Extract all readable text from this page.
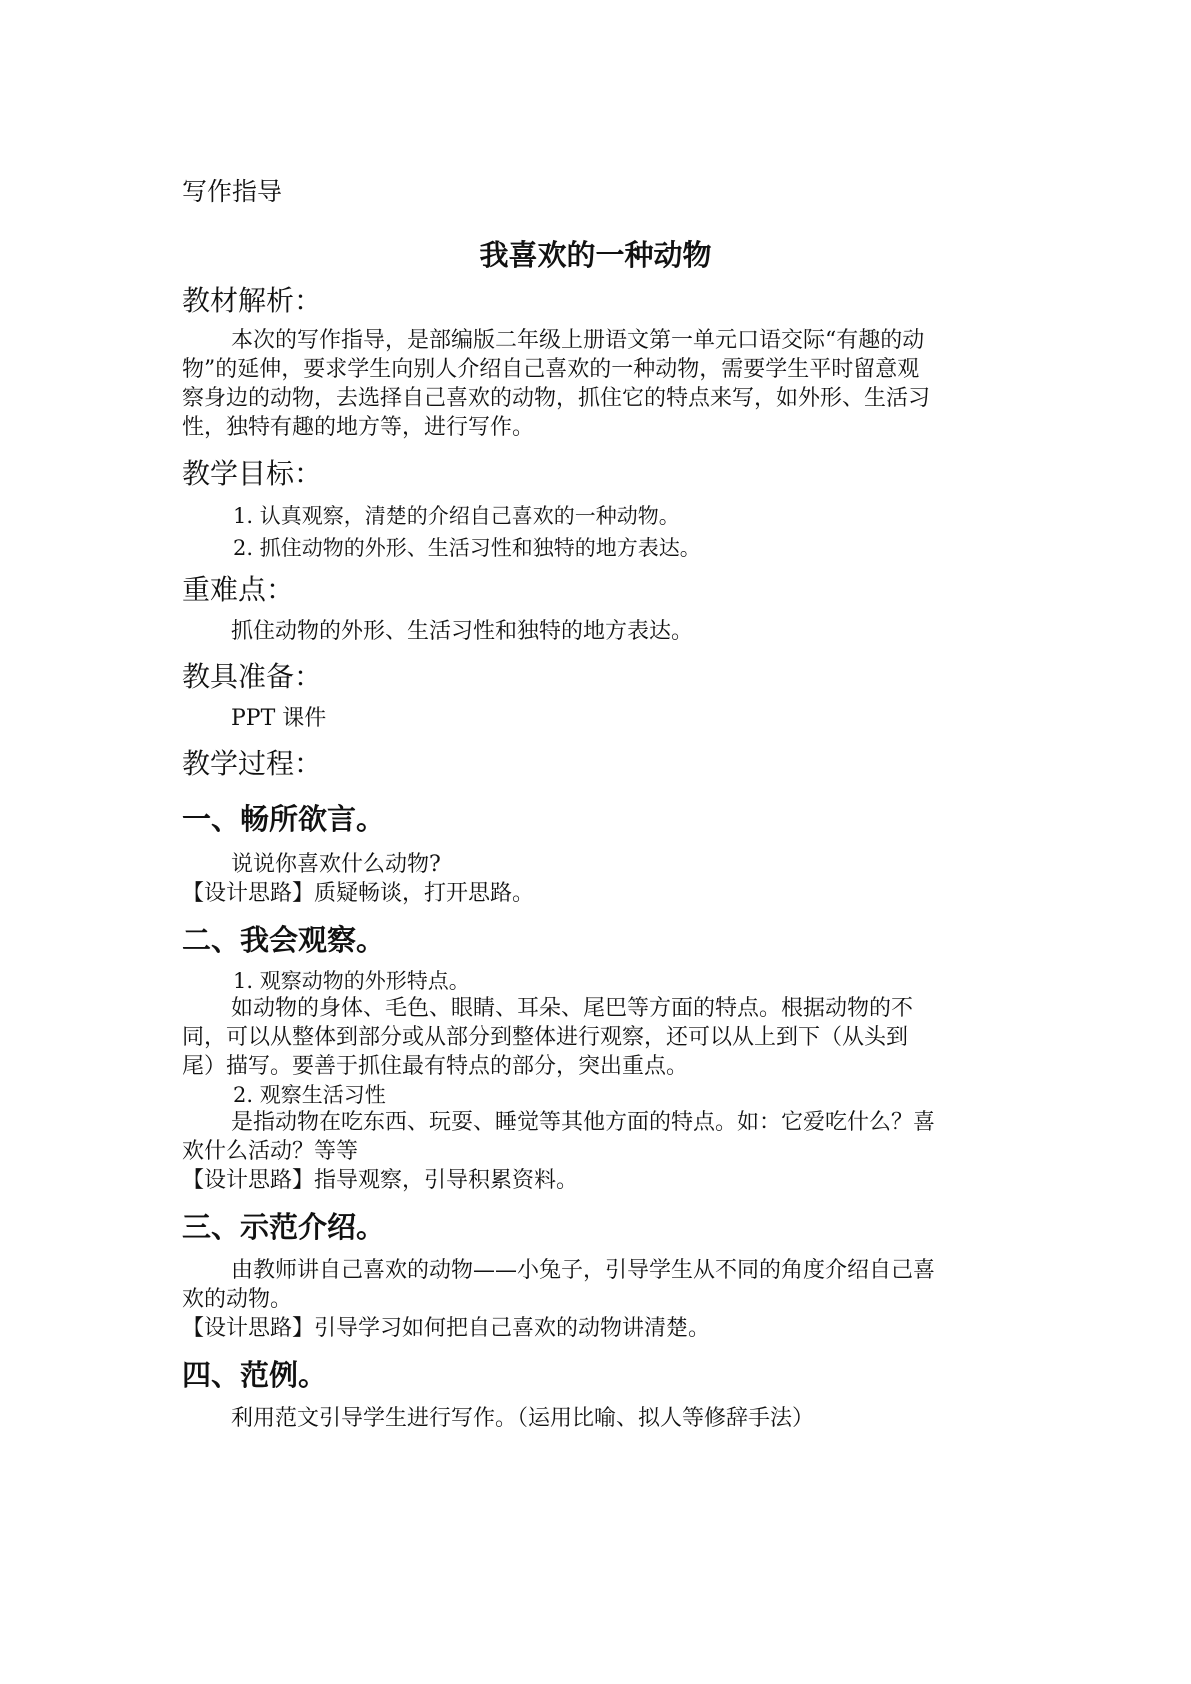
写作指导
我喜欢的一种动物
教材解析：
本次的写作指导，是部编版二年级上册语文第一单元口语交际“有趣的动
物”的延伸，要求学生向别人介绍自己喜欢的一种动物，需要学生平时留意观
察身边的动物，去选择自己喜欢的动物，抓住它的特点来写，如外形、生活习
性，独特有趣的地方等，进行写作。
教学目标：
1. 认真观察，清楚的介绍自己喜欢的一种动物。
2. 抓住动物的外形、生活习性和独特的地方表达。
重难点：
抓住动物的外形、生活习性和独特的地方表达。
教具准备：
PPT 课件
教学过程：
一、畅所欲言。
说说你喜欢什么动物?
【设计思路】质疑畅谈，打开思路。
二、我会观察。
1. 观察动物的外形特点。
如动物的身体、毛色、眼睛、耳朵、尾巴等方面的特点。根据动物的不
同，可以从整体到部分或从部分到整体进行观察，还可以从上到下（从头到
尾）描写。要善于抓住最有特点的部分，突出重点。
2. 观察生活习性
是指动物在吃东西、玩耍、睡觉等其他方面的特点。如：它爱吃什么？喜
欢什么活动？等等
【设计思路】指导观察，引导积累资料。
三、示范介绍。
由教师讲自己喜欢的动物——小兔子，引导学生从不同的角度介绍自己喜
欢的动物。
【设计思路】引导学习如何把自己喜欢的动物讲清楚。
四、范例。
利用范文引导学生进行写作。（运用比喻、拟人等修辞手法）
